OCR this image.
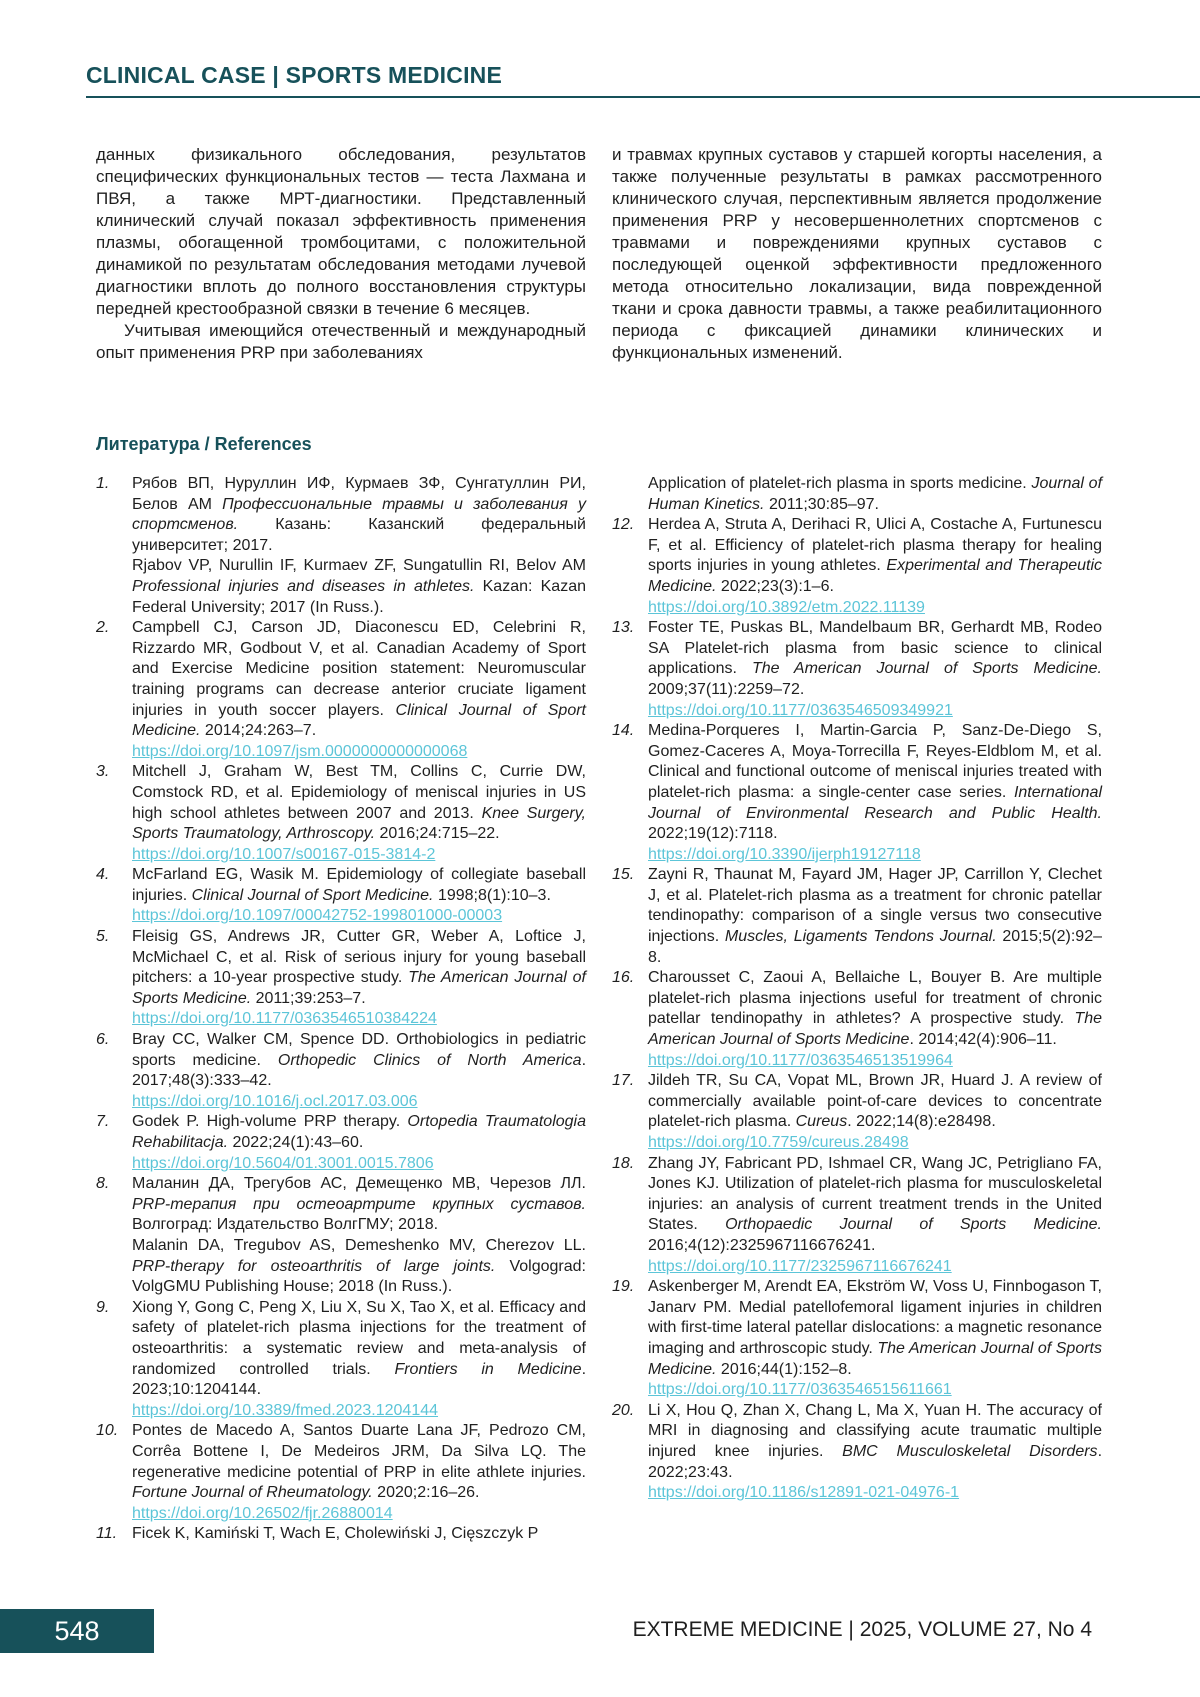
CLINICAL CASE | SPORTS MEDICINE

данных физикального обследования, результатов специфических функциональных тестов — теста Лахмана и ПВЯ, а также МРТ-диагностики. Представленный клинический случай показал эффективность применения плазмы, обогащенной тромбоцитами, с положительной динамикой по результатам обследования методами лучевой диагностики вплоть до полного восстановления структуры передней крестообразной связки в течение 6 месяцев.

Учитывая имеющийся отечественный и международный опыт применения PRP при заболеваниях

и травмах крупных суставов у старшей когорты населения, а также полученные результаты в рамках рассмотренного клинического случая, перспективным является продолжение применения PRP у несовершеннолетних спортсменов с травмами и повреждениями крупных суставов с последующей оценкой эффективности предложенного метода относительно локализации, вида поврежденной ткани и срока давности травмы, а также реабилитационного периода с фиксацией динамики клинических и функциональных изменений.

Литература / References
1. Рябов ВП, Нуруллин ИФ, Курмаев ЗФ, Сунгатуллин РИ, Белов АМ Профессиональные травмы и заболевания у спортсменов. Казань: Казанский федеральный университет; 2017.
Rjabov VP, Nurullin IF, Kurmaev ZF, Sungatullin RI, Belov AM Professional injuries and diseases in athletes. Kazan: Kazan Federal University; 2017 (In Russ.).
2. Campbell CJ, Carson JD, Diaconescu ED, Celebrini R, Rizzardo MR, Godbout V, et al. Canadian Academy of Sport and Exercise Medicine position statement: Neuromuscular training programs can decrease anterior cruciate ligament injuries in youth soccer players. Clinical Journal of Sport Medicine. 2014;24:263–7.
https://doi.org/10.1097/jsm.0000000000000068
3. Mitchell J, Graham W, Best TM, Collins C, Currie DW, Comstock RD, et al. Epidemiology of meniscal injuries in US high school athletes between 2007 and 2013. Knee Surgery, Sports Traumatology, Arthroscopy. 2016;24:715–22.
https://doi.org/10.1007/s00167-015-3814-2
4. McFarland EG, Wasik M. Epidemiology of collegiate baseball injuries. Clinical Journal of Sport Medicine. 1998;8(1):10–3.
https://doi.org/10.1097/00042752-199801000-00003
5. Fleisig GS, Andrews JR, Cutter GR, Weber A, Loftice J, McMichael C, et al. Risk of serious injury for young baseball pitchers: a 10-year prospective study. The American Journal of Sports Medicine. 2011;39:253–7.
https://doi.org/10.1177/0363546510384224
6. Bray CC, Walker CM, Spence DD. Orthobiologics in pediatric sports medicine. Orthopedic Clinics of North America. 2017;48(3):333–42.
https://doi.org/10.1016/j.ocl.2017.03.006
7. Godek P. High-volume PRP therapy. Ortopedia Traumatologia Rehabilitacja. 2022;24(1):43–60.
https://doi.org/10.5604/01.3001.0015.7806
8. Маланин ДА, Трегубов АС, Демещенко МВ, Черезов ЛЛ. PRP-терапия при остеоартрите крупных суставов. Волгоград: Издательство ВолгГМУ; 2018.
Malanin DA, Tregubov AS, Demeshenko MV, Cherezov LL. PRP-therapy for osteoarthritis of large joints. Volgograd: VolgGMU Publishing House; 2018 (In Russ.).
9. Xiong Y, Gong C, Peng X, Liu X, Su X, Tao X, et al. Efficacy and safety of platelet-rich plasma injections for the treatment of osteoarthritis: a systematic review and meta-analysis of randomized controlled trials. Frontiers in Medicine. 2023;10:1204144.
https://doi.org/10.3389/fmed.2023.1204144
10. Pontes de Macedo A, Santos Duarte Lana JF, Pedrozo CM, Corrêa Bottene I, De Medeiros JRM, Da Silva LQ. The regenerative medicine potential of PRP in elite athlete injuries. Fortune Journal of Rheumatology. 2020;2:16–26.
https://doi.org/10.26502/fjr.26880014
11. Ficek K, Kamiński T, Wach E, Cholewiński J, Cięszczyk P
Application of platelet-rich plasma in sports medicine. Journal of Human Kinetics. 2011;30:85–97.
12. Herdea A, Struta A, Derihaci R, Ulici A, Costache A, Furtunescu F, et al. Efficiency of platelet-rich plasma therapy for healing sports injuries in young athletes. Experimental and Therapeutic Medicine. 2022;23(3):1–6.
https://doi.org/10.3892/etm.2022.11139
13. Foster TE, Puskas BL, Mandelbaum BR, Gerhardt MB, Rodeo SA Platelet-rich plasma from basic science to clinical applications. The American Journal of Sports Medicine. 2009;37(11):2259–72.
https://doi.org/10.1177/0363546509349921
14. Medina-Porqueres I, Martin-Garcia P, Sanz-De-Diego S, Gomez-Caceres A, Moya-Torrecilla F, Reyes-Eldblom M, et al. Clinical and functional outcome of meniscal injuries treated with platelet-rich plasma: a single-center case series. International Journal of Environmental Research and Public Health. 2022;19(12):7118.
https://doi.org/10.3390/ijerph19127118
15. Zayni R, Thaunat M, Fayard JM, Hager JP, Carrillon Y, Clechet J, et al. Platelet-rich plasma as a treatment for chronic patellar tendinopathy: comparison of a single versus two consecutive injections. Muscles, Ligaments Tendons Journal. 2015;5(2):92–8.
16. Charousset C, Zaoui A, Bellaiche L, Bouyer B. Are multiple platelet-rich plasma injections useful for treatment of chronic patellar tendinopathy in athletes? A prospective study. The American Journal of Sports Medicine. 2014;42(4):906–11.
https://doi.org/10.1177/0363546513519964
17. Jildeh TR, Su CA, Vopat ML, Brown JR, Huard J. A review of commercially available point-of-care devices to concentrate platelet-rich plasma. Cureus. 2022;14(8):e28498.
https://doi.org/10.7759/cureus.28498
18. Zhang JY, Fabricant PD, Ishmael CR, Wang JC, Petrigliano FA, Jones KJ. Utilization of platelet-rich plasma for musculoskeletal injuries: an analysis of current treatment trends in the United States. Orthopaedic Journal of Sports Medicine. 2016;4(12):2325967116676241.
https://doi.org/10.1177/2325967116676241
19. Askenberger M, Arendt EA, Ekström W, Voss U, Finnbogason T, Janarv PM. Medial patellofemoral ligament injuries in children with first-time lateral patellar dislocations: a magnetic resonance imaging and arthroscopic study. The American Journal of Sports Medicine. 2016;44(1):152–8.
https://doi.org/10.1177/0363546515611661
20. Li X, Hou Q, Zhan X, Chang L, Ma X, Yuan H. The accuracy of MRI in diagnosing and classifying acute traumatic multiple injured knee injuries. BMC Musculoskeletal Disorders. 2022;23:43.
https://doi.org/10.1186/s12891-021-04976-1
548	EXTREME MEDICINE | 2025, VOLUME 27, No 4
